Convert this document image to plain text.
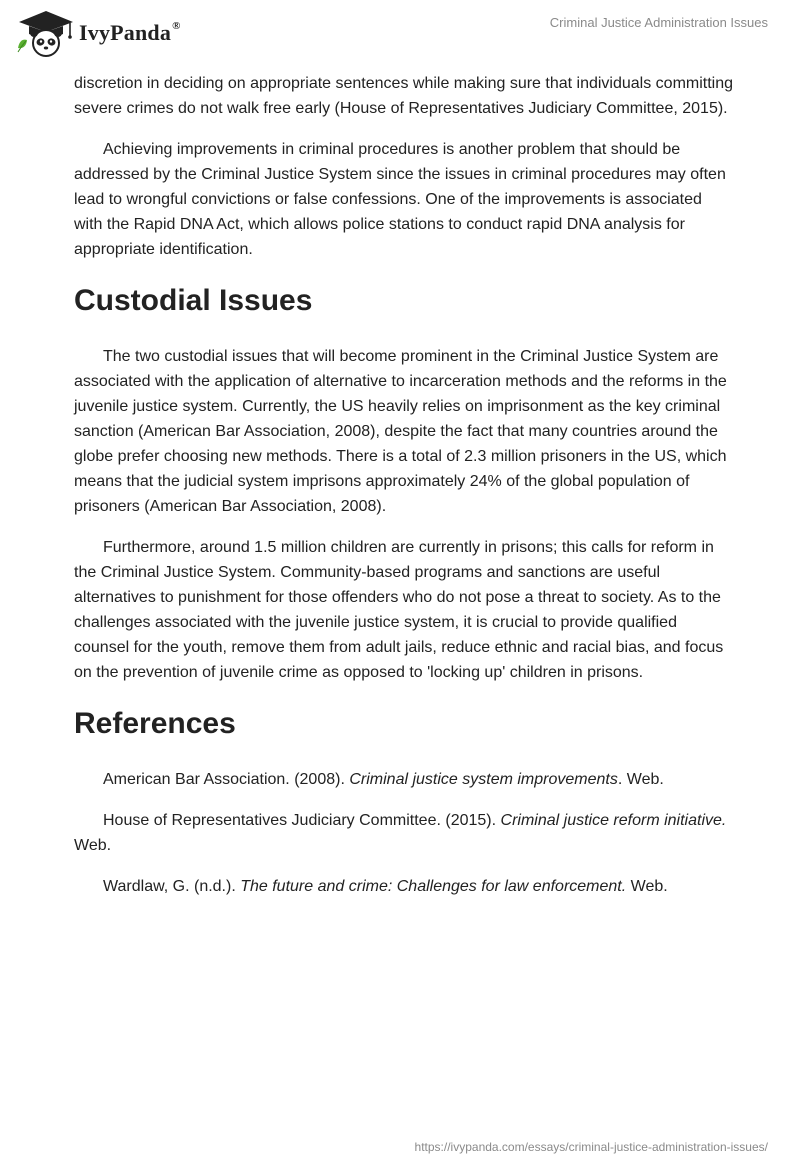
IvyPanda®	Criminal Justice Administration Issues

discretion in deciding on appropriate sentences while making sure that individuals committing severe crimes do not walk free early (House of Representatives Judiciary Committee, 2015).

Achieving improvements in criminal procedures is another problem that should be addressed by the Criminal Justice System since the issues in criminal procedures may often lead to wrongful convictions or false confessions. One of the improvements is associated with the Rapid DNA Act, which allows police stations to conduct rapid DNA analysis for appropriate identification.

Custodial Issues

The two custodial issues that will become prominent in the Criminal Justice System are associated with the application of alternative to incarceration methods and the reforms in the juvenile justice system. Currently, the US heavily relies on imprisonment as the key criminal sanction (American Bar Association, 2008), despite the fact that many countries around the globe prefer choosing new methods. There is a total of 2.3 million prisoners in the US, which means that the judicial system imprisons approximately 24% of the global population of prisoners (American Bar Association, 2008).

Furthermore, around 1.5 million children are currently in prisons; this calls for reform in the Criminal Justice System. Community-based programs and sanctions are useful alternatives to punishment for those offenders who do not pose a threat to society. As to the challenges associated with the juvenile justice system, it is crucial to provide qualified counsel for the youth, remove them from adult jails, reduce ethnic and racial bias, and focus on the prevention of juvenile crime as opposed to 'locking up' children in prisons.

References

American Bar Association. (2008). Criminal justice system improvements. Web.

House of Representatives Judiciary Committee. (2015). Criminal justice reform initiative. Web.

Wardlaw, G. (n.d.). The future and crime: Challenges for law enforcement. Web.

https://ivypanda.com/essays/criminal-justice-administration-issues/
